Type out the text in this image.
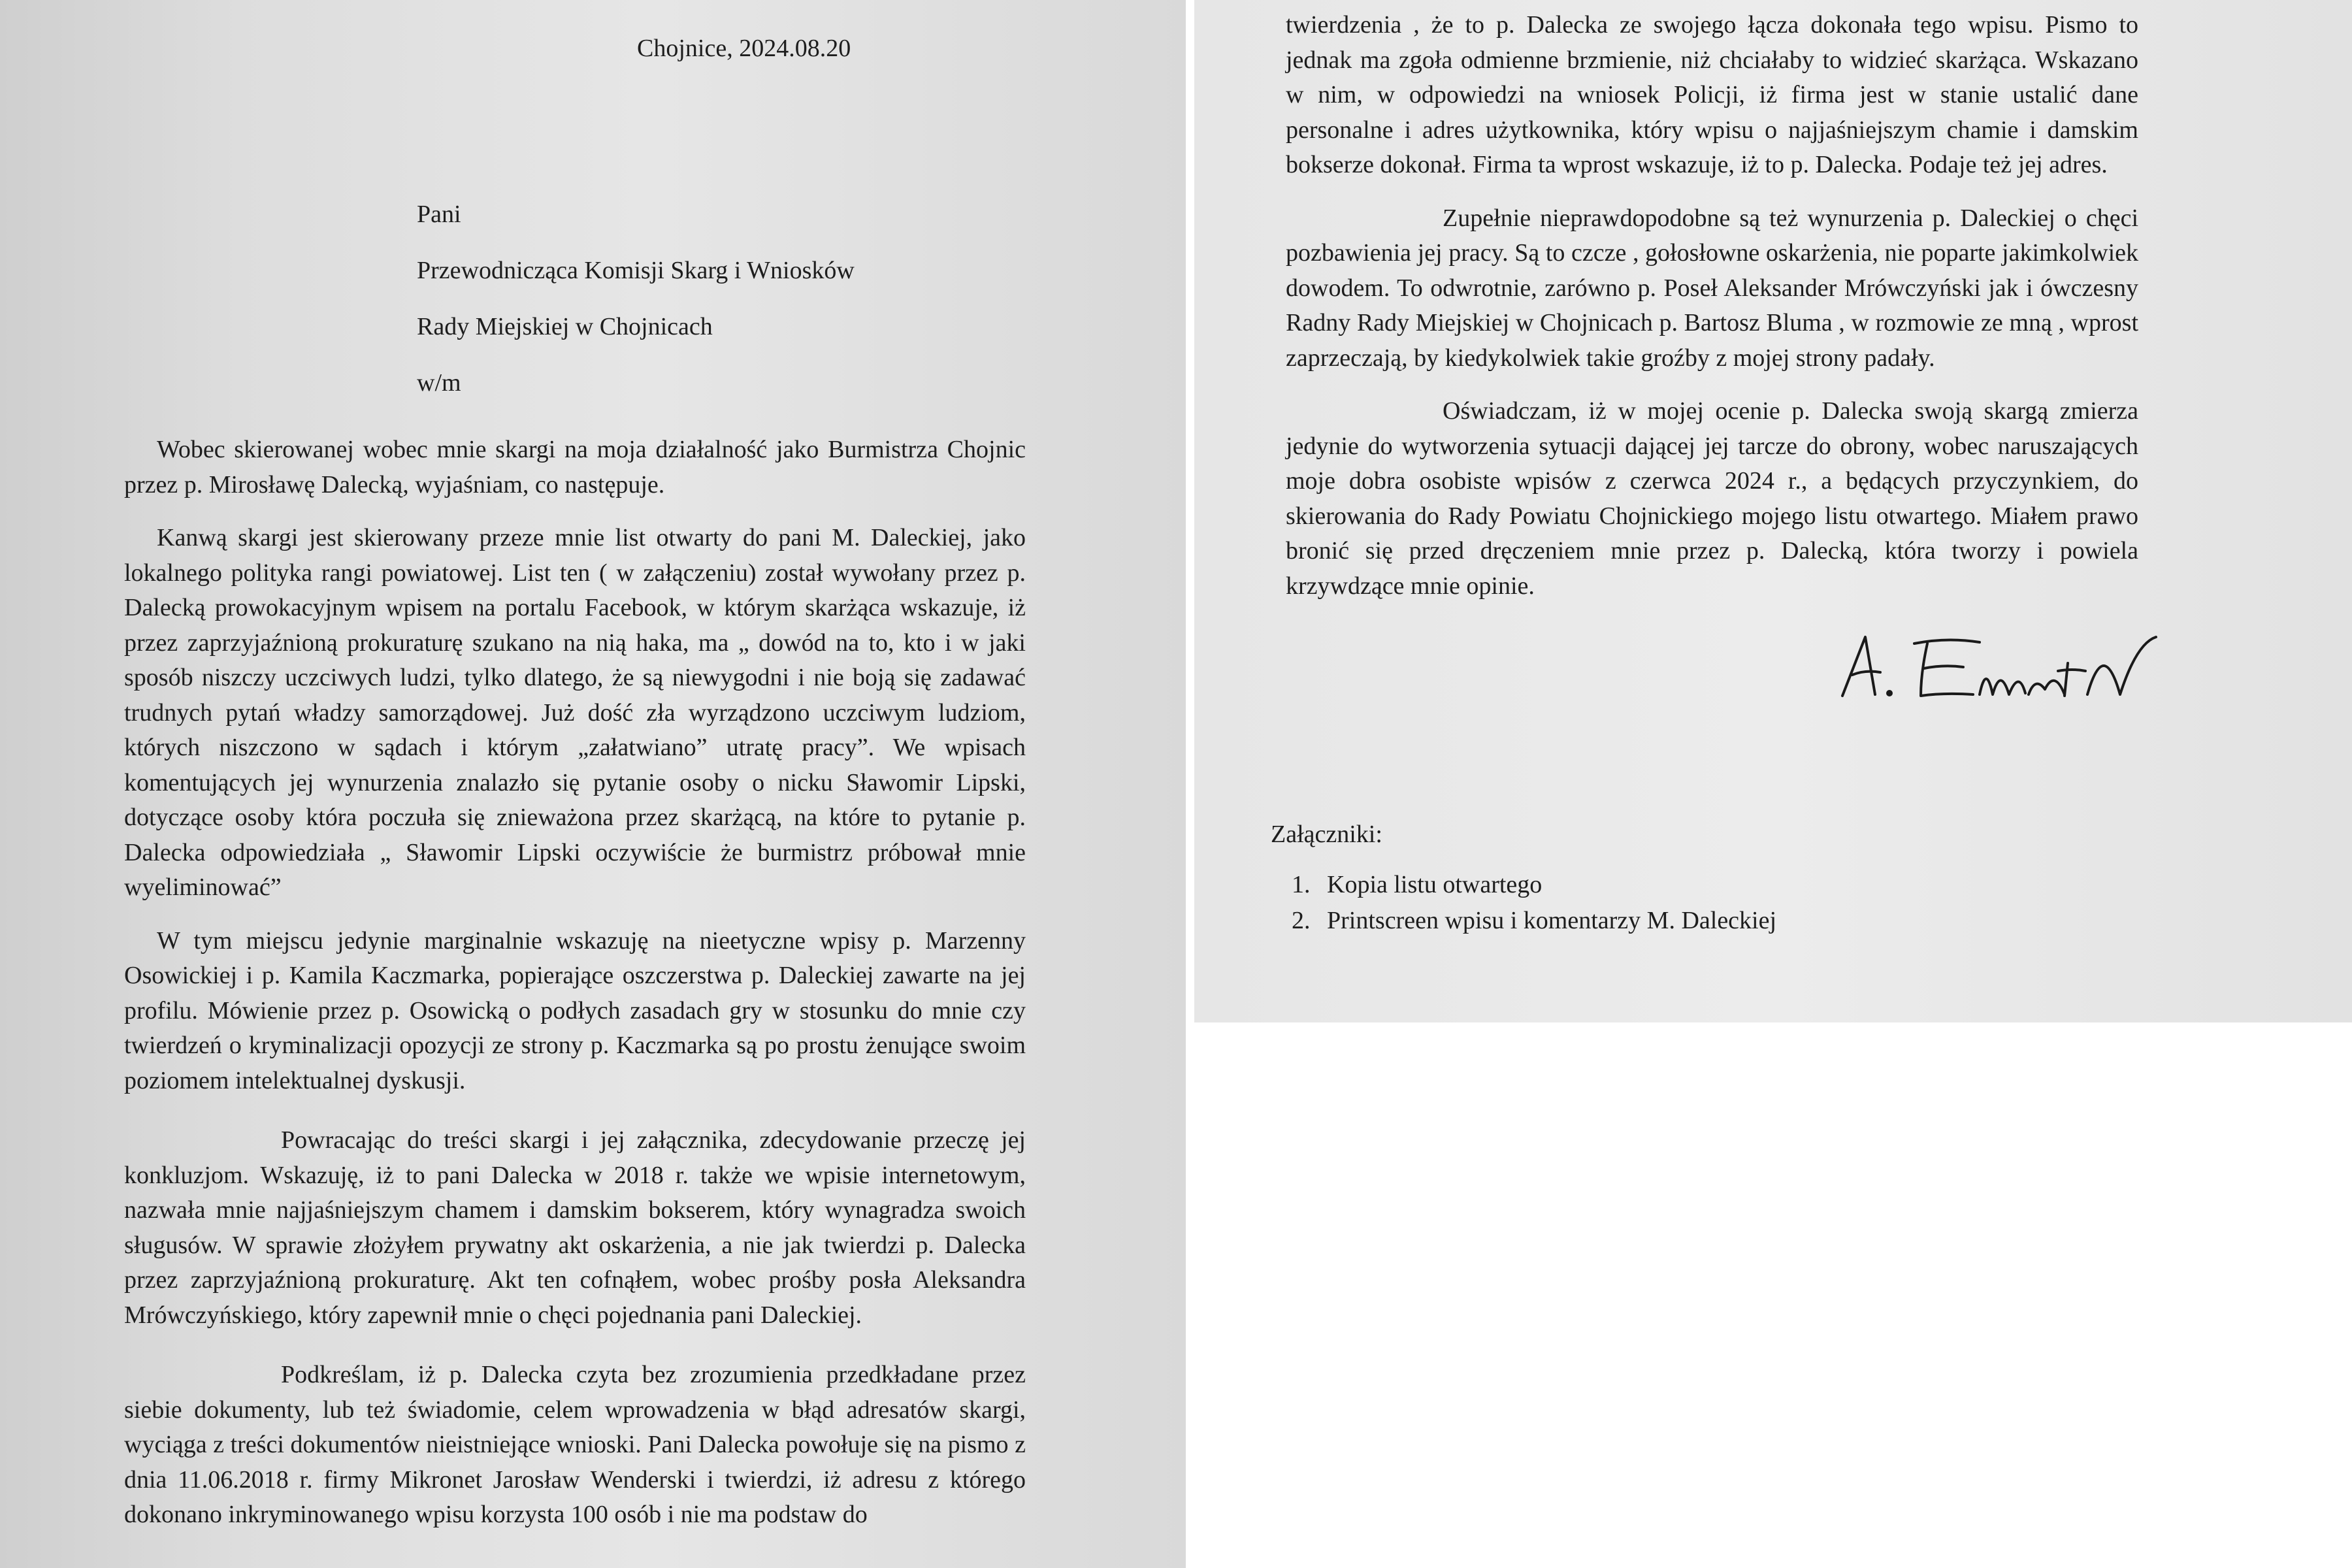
Chojnice, 2024.08.20
Pani
Przewodnicząca Komisji Skarg i Wniosków
Rady Miejskiej w Chojnicach
w/m

Wobec skierowanej wobec mnie skargi na moja działalność jako Burmistrza Chojnic przez p. Mirosławę Dalecką, wyjaśniam, co następuje.

Kanwą skargi jest skierowany przeze mnie list otwarty do pani M. Daleckiej, jako lokalnego polityka rangi powiatowej. List ten ( w załączeniu) został wywołany przez p. Dalecką prowokacyjnym wpisem na portalu Facebook, w którym skarżąca wskazuje, iż przez zaprzyjaźnioną prokuraturę szukano na nią haka, ma „ dowód na to, kto i w jaki sposób niszczy uczciwych ludzi, tylko dlatego, że są niewygodni i nie boją się zadawać trudnych pytań władzy samorządowej. Już dość zła wyrządzono uczciwym ludziom, których niszczono w sądach i którym „załatwiano” utratę pracy”. We wpisach komentujących jej wynurzenia znalazło się pytanie osoby o nicku Sławomir Lipski, dotyczące osoby która poczuła się znieważona przez skarżącą, na które to pytanie p. Dalecka odpowiedziała „ Sławomir Lipski oczywiście że burmistrz próbował mnie wyeliminować”

W tym miejscu jedynie marginalnie wskazuję na nieetyczne wpisy p. Marzenny Osowickiej i p. Kamila Kaczmarka, popierające oszczerstwa p. Daleckiej zawarte na jej profilu. Mówienie przez p. Osowicką o podłych zasadach gry w stosunku do mnie czy twierdzeń o kryminalizacji opozycji ze strony p. Kaczmarka są po prostu żenujące swoim poziomem intelektualnej dyskusji.

Powracając do treści skargi i jej załącznika, zdecydowanie przeczę jej konkluzjom. Wskazuję, iż to pani Dalecka w 2018 r. także we wpisie internetowym, nazwała mnie najjaśniejszym chamem i damskim bokserem, który wynagradza swoich sługusów. W sprawie złożyłem prywatny akt oskarżenia, a nie jak twierdzi p. Dalecka przez zaprzyjaźnioną prokuraturę. Akt ten cofnąłem, wobec prośby posła Aleksandra Mrówczyńskiego, który zapewnił mnie o chęci pojednania pani Daleckiej.

Podkreślam, iż p. Dalecka czyta bez zrozumienia przedkładane przez siebie dokumenty, lub też świadomie, celem wprowadzenia w błąd adresatów skargi, wyciąga z treści dokumentów nieistniejące wnioski. Pani Dalecka powołuje się na pismo z dnia 11.06.2018 r. firmy Mikronet Jarosław Wenderski i twierdzi, iż adresu z którego dokonano inkryminowanego wpisu korzysta 100 osób i nie ma podstaw do

twierdzenia , że to p. Dalecka ze swojego łącza dokonała tego wpisu. Pismo to jednak ma zgoła odmienne brzmienie, niż chciałaby to widzieć skarżąca. Wskazano w nim, w odpowiedzi na wniosek Policji, iż firma jest w stanie ustalić dane personalne i adres użytkownika, który wpisu o najjaśniejszym chamie i damskim bokserze dokonał. Firma ta wprost wskazuje, iż to p. Dalecka. Podaje też jej adres.

Zupełnie nieprawdopodobne są też wynurzenia p. Daleckiej o chęci pozbawienia jej pracy. Są to czcze , gołosłowne oskarżenia, nie poparte jakimkolwiek dowodem. To odwrotnie, zarówno p. Poseł Aleksander Mrówczyński jak i ówczesny Radny Rady Miejskiej w Chojnicach p. Bartosz Bluma , w rozmowie ze mną , wprost zaprzeczają, by kiedykolwiek takie groźby z mojej strony padały.

Oświadczam, iż w mojej ocenie p. Dalecka swoją skargą zmierza jedynie do wytworzenia sytuacji dającej jej tarcze do obrony, wobec naruszających moje dobra osobiste wpisów z czerwca 2024 r., a będących przyczynkiem, do skierowania do Rady Powiatu Chojnickiego mojego listu otwartego. Miałem prawo bronić się przed dręczeniem mnie przez p. Dalecką, która tworzy i powiela krzywdzące mnie opinie.

Załączniki:
1. Kopia listu otwartego
2. Printscreen wpisu i komentarzy M. Daleckiej
